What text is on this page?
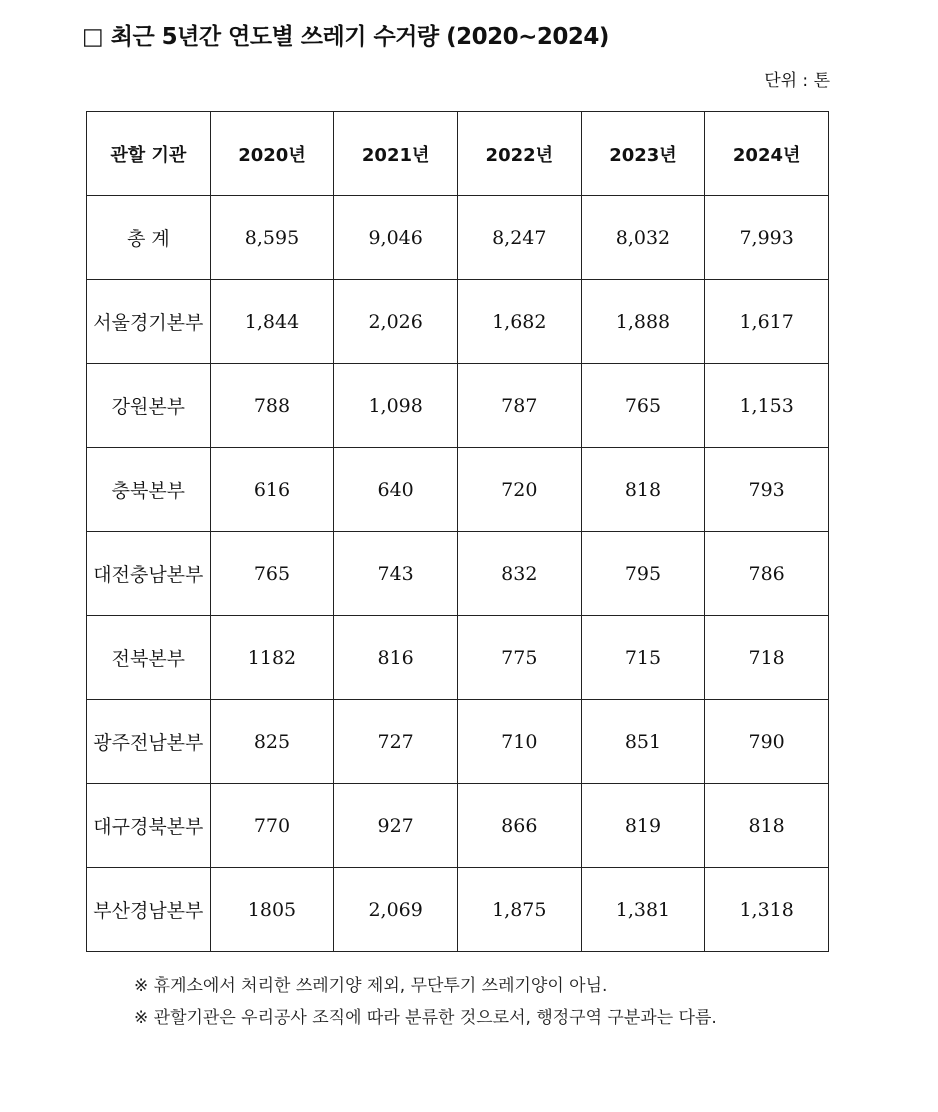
□ 최근 5년간 연도별 쓰레기 수거량 (2020∼2024)
단위 : 톤
관할 기관	2020년	2021년	2022년	2023년	2024년
총 계	8,595	9,046	8,247	8,032	7,993
서울경기본부	1,844	2,026	1,682	1,888	1,617
강원본부	788	1,098	787	765	1,153
충북본부	616	640	720	818	793
대전충남본부	765	743	832	795	786
전북본부	1182	816	775	715	718
광주전남본부	825	727	710	851	790
대구경북본부	770	927	866	819	818
부산경남본부	1805	2,069	1,875	1,381	1,318
※ 휴게소에서 처리한 쓰레기양 제외, 무단투기 쓰레기양이 아님.
※ 관할기관은 우리공사 조직에 따라 분류한 것으로서, 행정구역 구분과는 다름.
